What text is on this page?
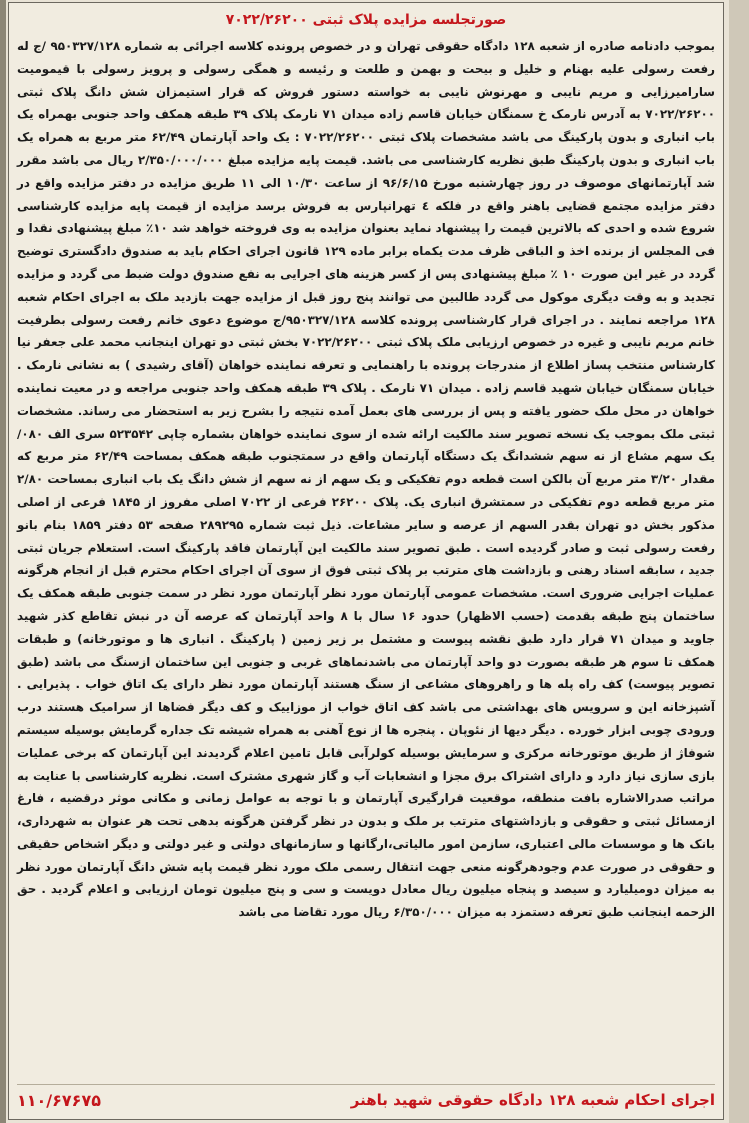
صورتجلسه مزایده پلاک ثبتی ۷۰۲۲/۲۶۲۰۰
بموجب دادنامه صادره از شعبه ۱۲۸ دادگاه حقوقی تهران و در خصوص پرونده کلاسه اجرائی به شماره ۹۵۰۳۲۷/۱۲۸ /ج له رفعت رسولی علیه بهنام و خلیل و بیحت و بهمن و طلعت و رئیسه و همگی رسولی و پرویز رسولی با قیمومیت سارامیرزایی و مریم نایبی و مهرنوش نایبی به خواسته دستور فروش که قرار استیمزان شش دانگ پلاک ثبتی ۷۰۲۲/۲۶۲۰۰ به آدرس نارمک خ سمنگان خیابان قاسم زاده میدان ۷۱ نارمک پلاک ۳۹ طبقه همکف واحد جنوبی بهمراه یک باب انباری و بدون پارکینگ می باشد مشخصات پلاک ثبتی ۷۰۲۲/۲۶۲۰۰ : یک واحد آپارتمان ۶۲/۴۹ متر مربع به همراه یک باب انباری و بدون پارکینگ طبق نظریه کارشناسی می باشد. قیمت پایه مزایده مبلغ ۲/۳۵۰/۰۰۰/۰۰۰ ریال می باشد مقرر شد آپارتمانهای موصوف در روز چهارشنبه مورخ ۹۶/۶/۱۵ از ساعت ۱۰/۳۰ الی ۱۱ طریق مزایده در دفتر مزایده واقع در دفتر مزایده مجتمع قضایی باهنر واقع در فلکه ٤ تهرانپارس به فروش برسد مزایده از قیمت پایه مزایده کارشناسی شروع شده و احدی که بالاترین قیمت را پیشنهاد نماید بعنوان مزایده به وی فروخته خواهد شد ۱۰٪ مبلغ پیشنهادی نقدا و فی المجلس از برنده اخذ و الباقی ظرف مدت یکماه برابر ماده ۱۲۹ قانون اجرای احکام باید به صندوق دادگستری توضیح گردد در غیر این صورت ۱۰ ٪ مبلغ پیشنهادی پس از کسر هزینه های اجرایی به نفع صندوق دولت ضبط می گردد و مزایده تجدید و به وقت دیگری موکول می گردد طالبین می توانند پنج روز قبل از مزایده جهت بازدید ملک به اجرای احکام شعبه ۱۲۸ مراجعه نمایند . در اجرای قرار کارشناسی پرونده کلاسه ۹۵۰۳۲۷/۱۲۸/ج موضوع دعوی خانم رفعت رسولی بطرفیت خانم مریم نایبی و غیره در خصوص ارزیابی ملک پلاک ثبتی ۷۰۲۲/۲۶۲۰۰ بخش ثبتی دو تهران اینجانب محمد علی جعفر نیا کارشناس منتخب پساز اطلاع از مندرجات پرونده با راهنمایی و تعرفه نماینده خواهان (آقای رشیدی ) به نشانی نارمک . خیابان سمنگان خیابان شهید قاسم زاده . میدان ۷۱ نارمک . پلاک ۳۹ طبقه همکف واحد جنوبی مراجعه و در معیت نماینده خواهان در محل ملک حضور یافته و پس از بررسی های بعمل آمده نتیجه را بشرح زیر به استحضار می رساند. مشخصات ثبتی ملک بموجب یک نسخه تصویر سند مالکیت ارائه شده از سوی نماینده خواهان بشماره چاپی ۵۲۳۵۴۲ سری الف ۰۸۰/ یک سهم مشاع از نه سهم ششدانگ یک دستگاه آپارتمان واقع در سمتجنوب طبقه همکف بمساحت ۶۲/۴۹ متر مربع که مقدار ۳/۲۰ متر مربع آن بالکن است قطعه دوم تفکیکی و یک سهم از نه سهم از شش دانگ یک باب انباری بمساحت ۲/۸۰ متر مربع قطعه دوم تفکیکی در سمتشرق انباری یک. پلاک ۲۶۲۰۰ فرعی از ۷۰۲۲ اصلی مفروز از ۱۸۴۵ فرعی از اصلی مذکور بخش دو تهران بقدر السهم از عرصه و سایر مشاعات. ذیل ثبت شماره ۲۸۹۲۹۵ صفحه ۵۳ دفتر ۱۸۵۹ بنام بانو رفعت رسولی ثبت و صادر گردیده است . طبق تصویر سند مالکیت این آپارتمان فاقد پارکینگ است. استعلام جریان ثبتی جدید ، سابقه اسناد رهنی و بازداشت های مترتب بر پلاک ثبتی فوق از سوی آن اجرای احکام محترم قبل از انجام هرگونه عملیات اجرایی ضروری است. مشخصات عمومی آپارتمان مورد نظر آپارتمان مورد نظر در سمت جنوبی طبقه همکف یک ساختمان پنج طبقه بقدمت (حسب الاظهار) حدود ۱۶ سال با ۸ واحد آپارتمان که عرصه آن در نبش تقاطع کذر شهید جاوید و میدان ۷۱ قرار دارد طبق نقشه پیوست و مشتمل بر زیر زمین ( پارکینگ . انباری ها و موتورخانه) و طبقات همکف تا سوم هر طبقه بصورت دو واحد آپارتمان می باشدنماهای غربی و جنوبی این ساختمان ازسنگ می باشد (طبق تصویر پیوست) کف راه پله ها و راهروهای مشاعی از سنگ هستند آپارتمان مورد نظر دارای یک اتاق خواب . پذیرایی . آشپزخانه این و سرویس های بهداشتی می باشد کف اتاق خواب از موزاییک و کف دیگر فضاها از سرامیک هستند درب ورودی چوبی ابزار خورده . دیگر دیها از نئوپان . پنجره ها از نوع آهنی به همراه شیشه تک جداره گرمایش بوسیله سیستم شوفاژ از طریق موتورخانه مرکزی و سرمایش بوسیله کولرآبی قابل تامین اعلام گردیدند این آپارتمان که برخی عملیات بازی سازی نیاز دارد و دارای اشتراک برق مجزا و انشعابات آب و گاز شهری مشترک است. نظریه کارشناسی با عنایت به مراتب صدرالاشاره بافت منطقه، موقعیت قرارگیری آپارتمان و با توجه به عوامل زمانی و مکانی موثر درقضیه ، فارغ ازمسائل ثبتی و حقوقی و بازداشتهای مترتب بر ملک و بدون در نظر گرفتن هرگونه بدهی تحت هر عنوان به شهرداری، بانک ها و موسسات مالی اعتباری، سازمن امور مالیاتی،ارگانها و سازمانهای دولتی و غیر دولتی و دیگر اشخاص حقیقی و حقوقی در صورت عدم وجودهرگونه منعی جهت انتقال رسمی ملک مورد نظر قیمت پایه شش دانگ آپارتمان مورد نظر به میزان دومیلیارد و سیصد و پنجاه میلیون ریال معادل دویست و سی و پنج میلیون تومان ارزیابی و اعلام گردید . حق الزحمه اینجانب طبق تعرفه دستمزد به میزان ۶/۳۵۰/۰۰۰ ریال مورد تقاضا می باشد
اجرای احکام شعبه ۱۲۸ دادگاه حقوقی شهید باهنر
۱۱۰/۶۷۶۷۵
